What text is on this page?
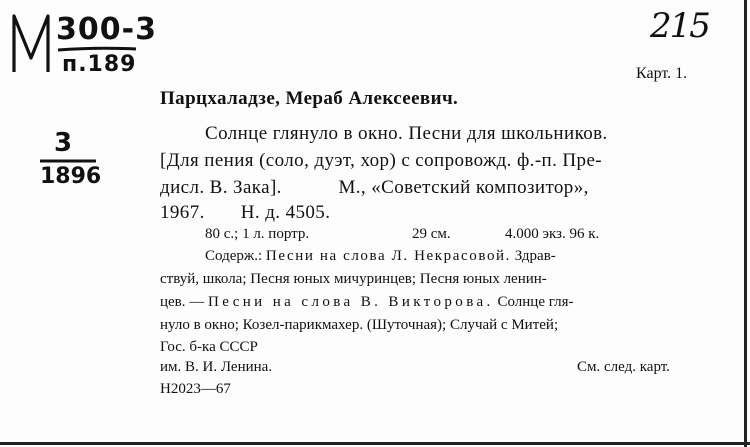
300-3
п.189
215
Карт. 1.
3
1896
Парцхаладзе, Мераб Алексеевич.
Солнце глянуло в окно. Песни для школьников.
[Для пения (соло, дуэт, хор) с сопровожд. ф.-п. Пре-
дисл. В. Зака].           М., «Советский композитор»,
1967.       Н. д. 4505.
80 с.; 1 л. портр.	29 см.	4.000 экз. 96 к.
Содерж.: Песни на слова Л. Некрасовой. Здрав-
ствуй, школа; Песня юных мичуринцев; Песня юных ленин-
цев. — Песни на слова В. Викторова. Солнце гля-
нуло в окно; Козел-парикмахер. (Шуточная); Случай с Митей;
Гос. б-ка СССР
им. В. И. Ленина.	См. след. карт.
Н2023—67
